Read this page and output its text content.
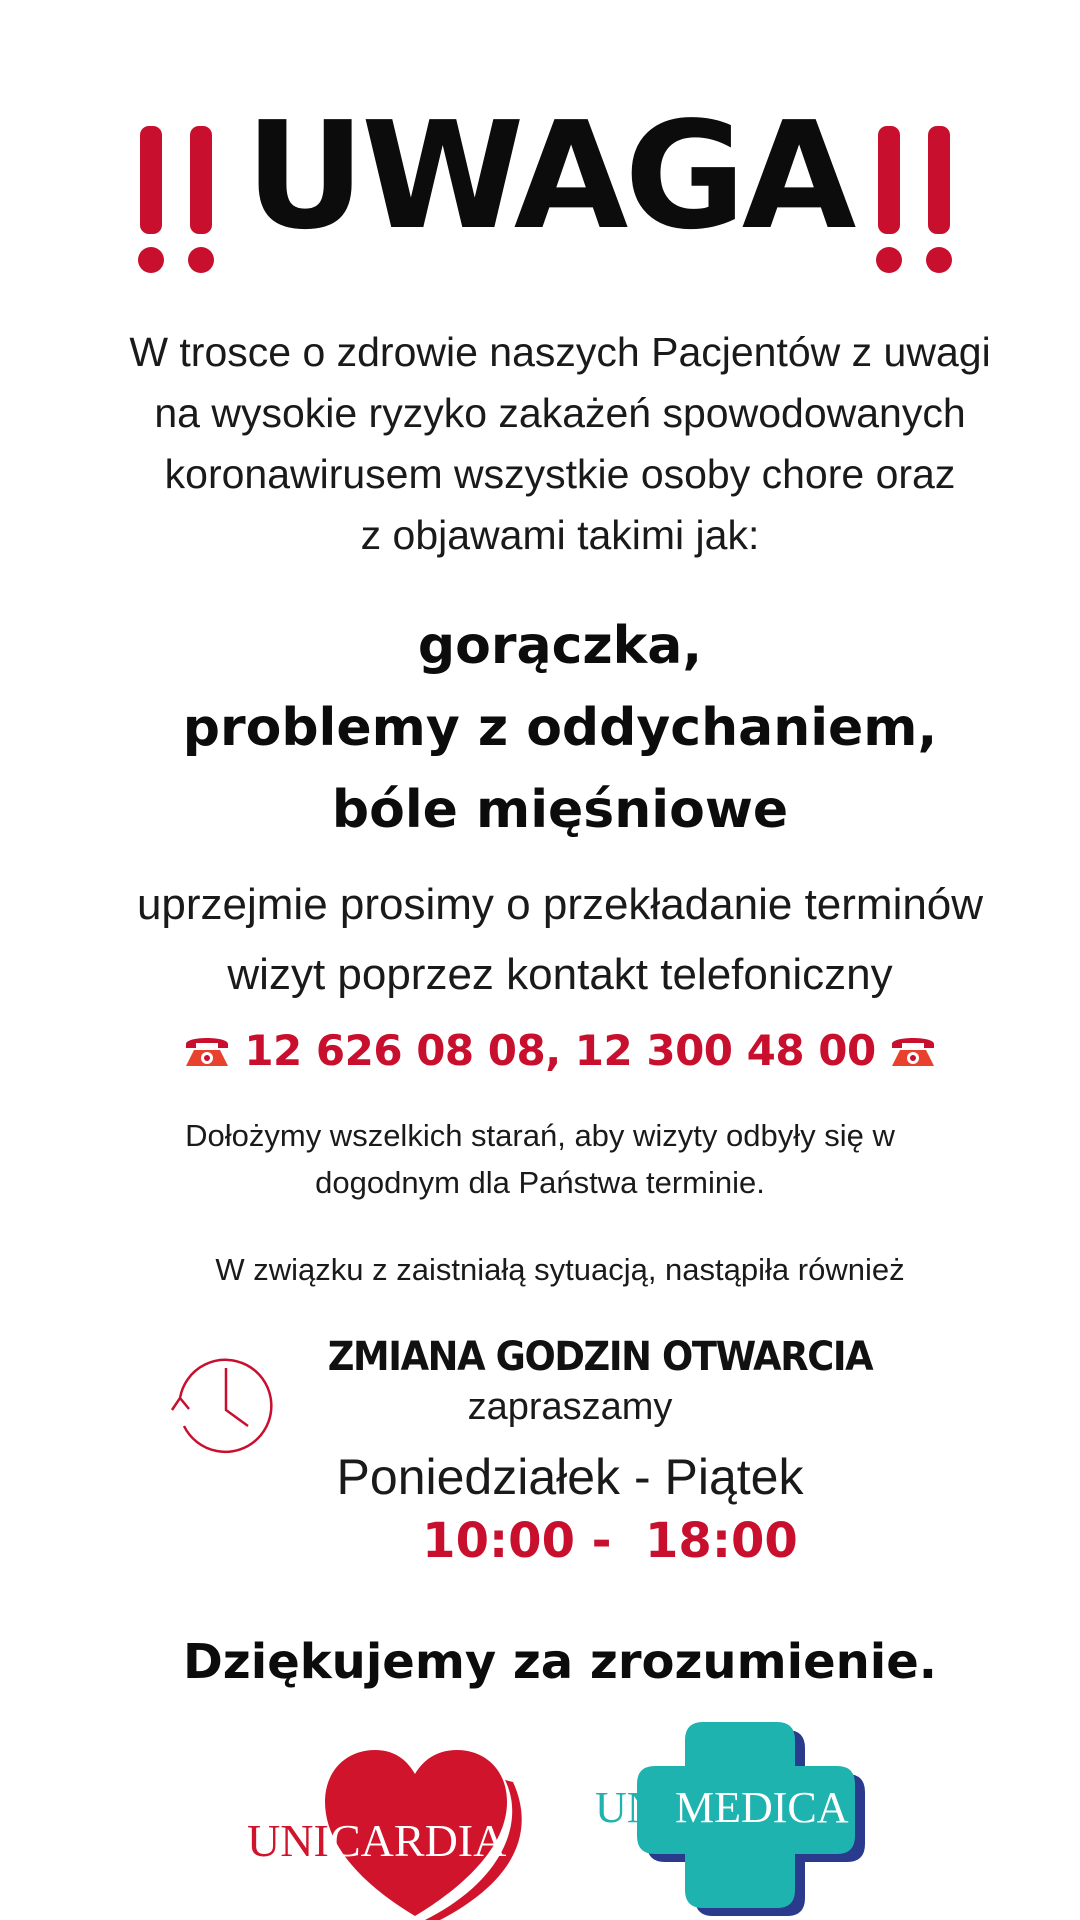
UWAGA
W trosce o zdrowie naszych Pacjentów z uwagi
na wysokie ryzyko zakażeń spowodowanych
koronawirusem wszystkie osoby chore oraz
z objawami takimi jak:
gorączka,
problemy z oddychaniem,
bóle mięśniowe
uprzejmie prosimy o przekładanie terminów
wizyt poprzez kontakt telefoniczny
12 626 08 08, 12 300 48 00
Dołożymy wszelkich starań, aby wizyty odbyły się w
dogodnym dla Państwa terminie.
W związku z zaistniałą sytuacją, nastąpiła również
ZMIANA GODZIN OTWARCIA
zapraszamy
Poniedziałek - Piątek
10:00 -  18:00
Dziękujemy za zrozumienie.
UNI CARDIA
UNI MEDICA
